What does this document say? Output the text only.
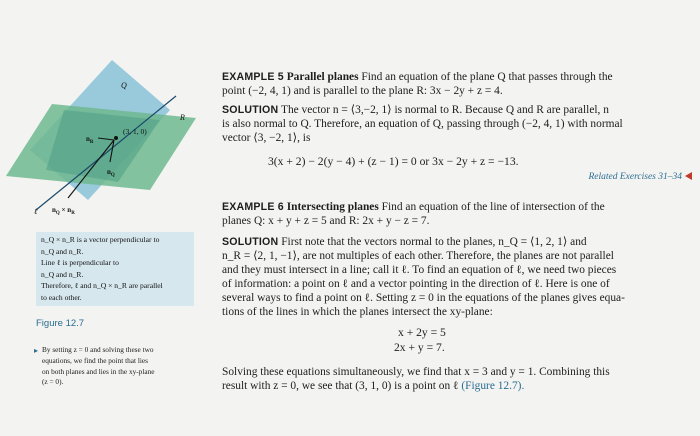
Q
R
(3, 1, 0)
$n_R$
$n_Q$
ℓ $n_Q \times n_R$
n_Q × n_R is a vector perpendicular to
n_Q and n_R.
Line ℓ is perpendicular to
n_Q and n_R.
Therefore, ℓ and n_Q × n_R are parallel
to each other.
Figure 12.7
▸ By setting z = 0 and solving these two
equations, we find the point that lies
on both planes and lies in the xy-plane
(z = 0).
EXAMPLE 5 Parallel planes Find an equation of the plane Q that passes through the
point (−2, 4, 1) and is parallel to the plane R: 3x − 2y + z = 4.
SOLUTION The vector n = ⟨3,−2, 1⟩ is normal to R. Because Q and R are parallel, n
is also normal to Q. Therefore, an equation of Q, passing through (−2, 4, 1) with normal
vector ⟨3, −2, 1⟩, is
3(x + 2) − 2(y − 4) + (z − 1) = 0 or 3x − 2y + z = −13.
Related Exercises 31–34
EXAMPLE 6 Intersecting planes Find an equation of the line of intersection of the
planes Q: x + y + z = 5 and R: 2x + y − z = 7.
SOLUTION First note that the vectors normal to the planes, n_Q = ⟨1, 2, 1⟩ and
n_R = ⟨2, 1, −1⟩, are not multiples of each other. Therefore, the planes are not parallel
and they must intersect in a line; call it ℓ. To find an equation of ℓ, we need two pieces
of information: a point on ℓ and a vector pointing in the direction of ℓ. Here is one of
several ways to find a point on ℓ. Setting z = 0 in the equations of the planes gives equa-
tions of the lines in which the planes intersect the xy-plane:
x + 2y = 5
2x + y = 7.
Solving these equations simultaneously, we find that x = 3 and y = 1. Combining this
result with z = 0, we see that (3, 1, 0) is a point on ℓ (Figure 12.7).
